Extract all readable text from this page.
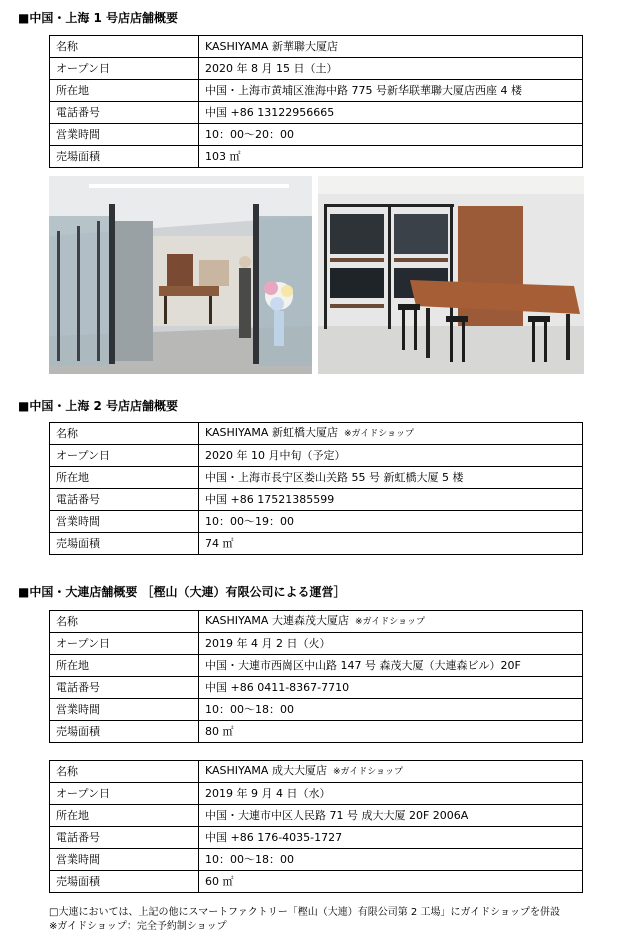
■中国・上海 1 号店店舗概要
名称	KASHIYAMA 新華聯大厦店
オープン日	2020 年 8 月 15 日（土）
所在地	中国・上海市黄埔区淮海中路 775 号新华联華聯大厦店西座 4 楼
電話番号	中国 +86 13122956665
営業時間	10：00〜20：00
売場面積	103 ㎡
■中国・上海 2 号店店舗概要
名称	KASHIYAMA 新虹橋大厦店 ※ガイドショップ
オープン日	2020 年 10 月中旬（予定）
所在地	中国・上海市長宁区娄山关路 55 号 新虹橋大厦 5 楼
電話番号	中国 +86 17521385599
営業時間	10：00〜19：00
売場面積	74 ㎡
■中国・大連店舗概要 ［樫山（大連）有限公司による運営］
名称	KASHIYAMA 大連森茂大厦店 ※ガイドショップ
オープン日	2019 年 4 月 2 日（火）
所在地	中国・大連市西崗区中山路 147 号 森茂大厦（大連森ビル）20F
電話番号	中国 +86 0411-8367-7710
営業時間	10：00〜18：00
売場面積	80 ㎡
名称	KASHIYAMA 成大大厦店 ※ガイドショップ
オープン日	2019 年 9 月 4 日（水）
所在地	中国・大連市中区人民路 71 号 成大大厦 20F 2006A
電話番号	中国 +86 176-4035-1727
営業時間	10：00〜18：00
売場面積	60 ㎡
□大連においては、上記の他にスマートファクトリー「樫山（大連）有限公司第 2 工場」にガイドショップを併設
※ガイドショップ：完全予約制ショップ
